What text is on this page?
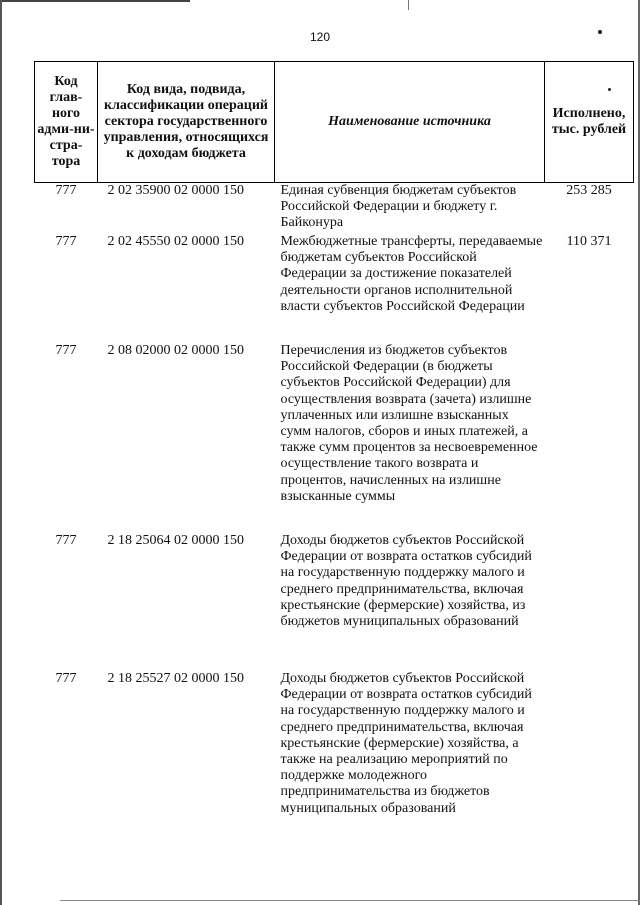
120
Код глав-ного адми-ни-стра-тора	Код вида, подвида, классификации операций сектора государственного управления, относящихся к доходам бюджета	Наименование источника	Исполнено, тыс. рублей
777	2 02 35900 02 0000 150	Единая субвенция бюджетам субъектов Российской Федерации и бюджету г. Байконура	253 285
777	2 02 45550 02 0000 150	Межбюджетные трансферты, передаваемые бюджетам субъектов Российской Федерации за достижение показателей деятельности органов исполнительной власти субъектов Российской Федерации	110 371
777	2 08 02000 02 0000 150	Перечисления из бюджетов субъектов Российской Федерации (в бюджеты субъектов Российской Федерации) для осуществления возврата (зачета) излишне уплаченных или излишне взысканных сумм налогов, сборов и иных платежей, а также сумм процентов за несвоевременное осуществление такого возврата и процентов, начисленных на излишне взысканные суммы	
777	2 18 25064 02 0000 150	Доходы бюджетов субъектов Российской Федерации от возврата остатков субсидий на государственную поддержку малого и среднего предпринимательства, включая крестьянские (фермерские) хозяйства, из бюджетов муниципальных образований	
777	2 18 25527 02 0000 150	Доходы бюджетов субъектов Российской Федерации от возврата остатков субсидий на государственную поддержку малого и среднего предпринимательства, включая крестьянские (фермерские) хозяйства, а также на реализацию мероприятий по поддержке молодежного предпринимательства из бюджетов муниципальных образований	
